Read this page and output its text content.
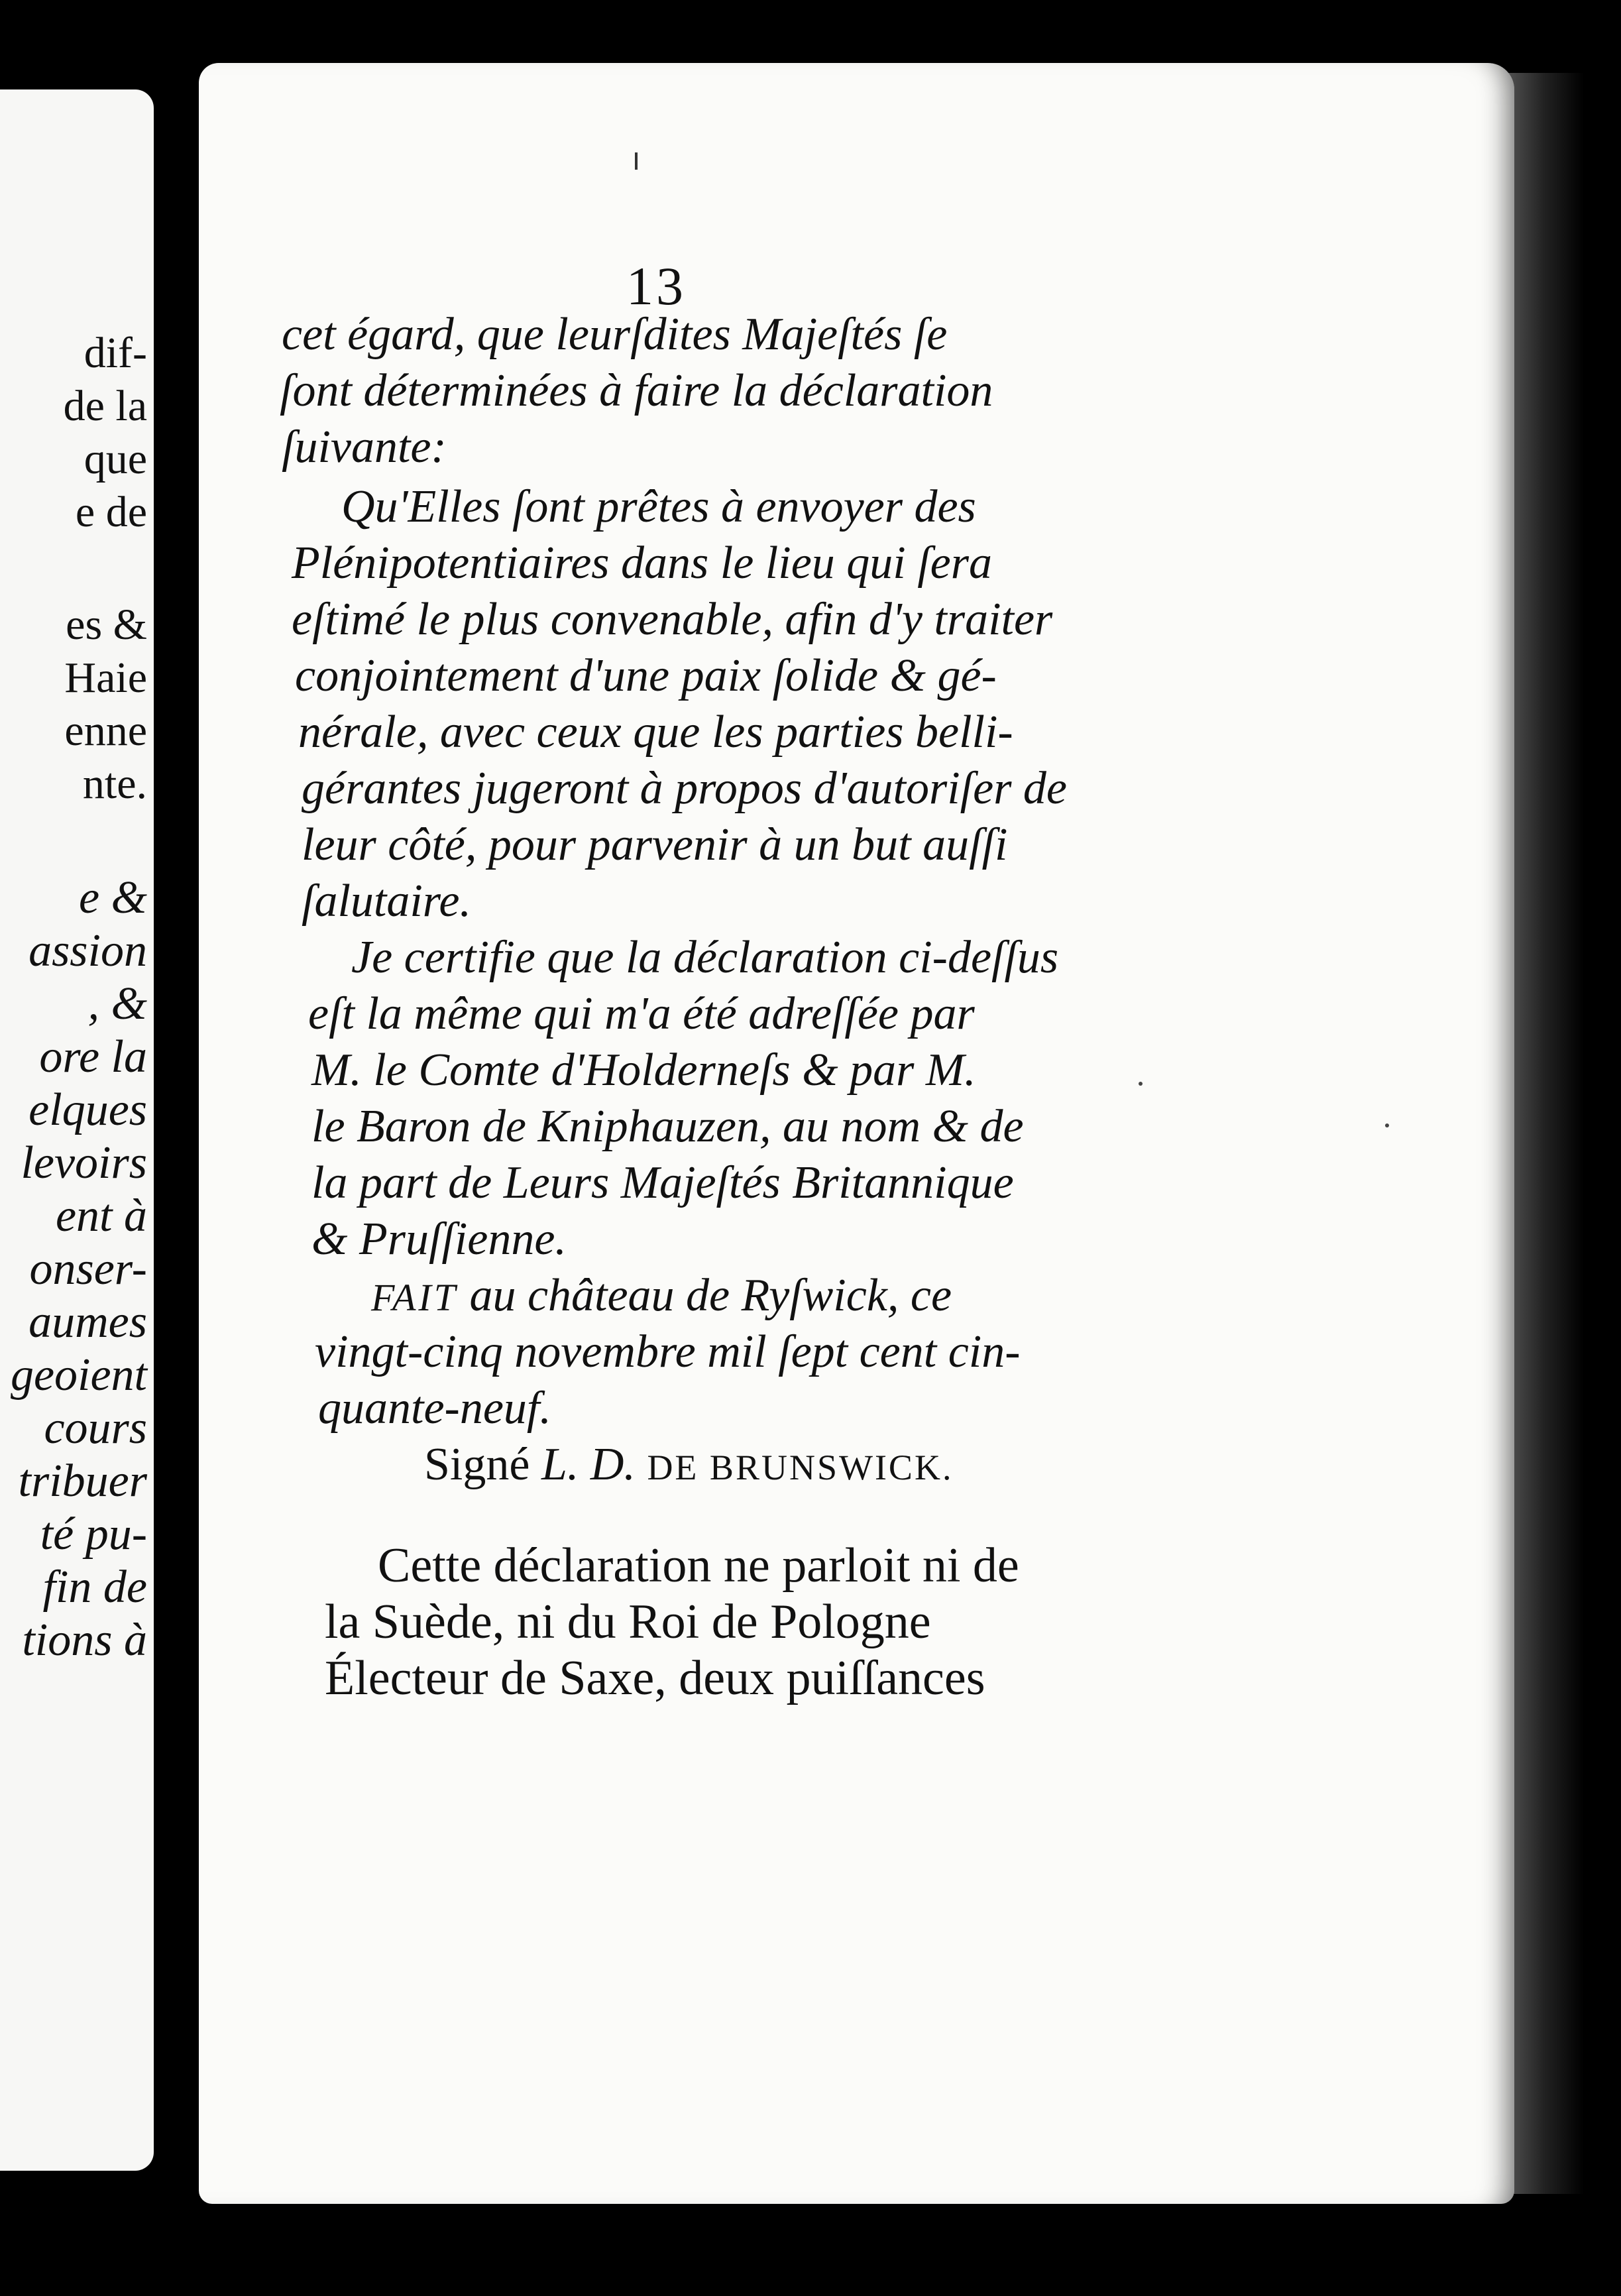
dif-
de la
que
e de
es &
Haie
enne
nte.
e &
assion
, &
ore la
elques
levoirs
ent à
onser-
aumes
geoient
cours
tribuer
té pu-
fin de
tions à
13
cet égard, que leurſdites Majeſtés ſe
ſont déterminées à faire la déclaration
ſuivante:
Qu'Elles ſont prêtes à envoyer des
Plénipotentiaires dans le lieu qui ſera
eſtimé le plus convenable, afin d'y traiter
conjointement d'une paix ſolide & gé-
nérale, avec ceux que les parties belli-
gérantes jugeront à propos d'autoriſer de
leur côté, pour parvenir à un but auſſi
ſalutaire.
Je certifie que la déclaration ci-deſſus
eſt la même qui m'a été adreſſée par
M. le Comte d'Holderneſs & par M.
le Baron de Kniphauzen, au nom & de
la part de Leurs Majeſtés Britannique
& Pruſſienne.
FAIT au château de Ryſwick, ce
vingt-cinq novembre mil ſept cent cin-
quante-neuf.
Signé L. D. DE BRUNSWICK.
Cette déclaration ne parloit ni de
la Suède, ni du Roi de Pologne
Électeur de Saxe, deux puiſſances
